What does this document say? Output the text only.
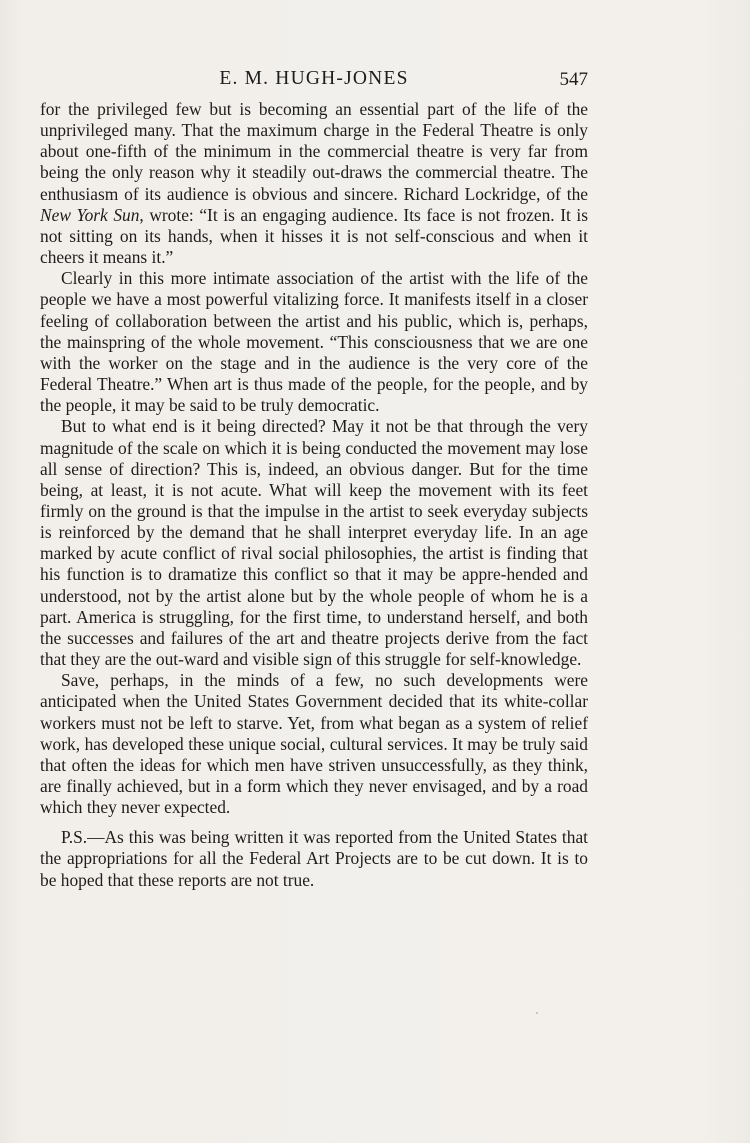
E. M. HUGH-JONES	547

for the privileged few but is becoming an essential part of the life of the unprivileged many. That the maximum charge in the Federal Theatre is only about one-fifth of the minimum in the commercial theatre is very far from being the only reason why it steadily out-draws the commercial theatre. The enthusiasm of its audience is obvious and sincere. Richard Lockridge, of the New York Sun, wrote: “It is an engaging audience. Its face is not frozen. It is not sitting on its hands, when it hisses it is not self-conscious and when it cheers it means it.”

Clearly in this more intimate association of the artist with the life of the people we have a most powerful vitalizing force. It manifests itself in a closer feeling of collaboration between the artist and his public, which is, perhaps, the mainspring of the whole movement. “This consciousness that we are one with the worker on the stage and in the audience is the very core of the Federal Theatre.” When art is thus made of the people, for the people, and by the people, it may be said to be truly democratic.

But to what end is it being directed? May it not be that through the very magnitude of the scale on which it is being conducted the movement may lose all sense of direction? This is, indeed, an obvious danger. But for the time being, at least, it is not acute. What will keep the movement with its feet firmly on the ground is that the impulse in the artist to seek everyday subjects is reinforced by the demand that he shall interpret everyday life. In an age marked by acute conflict of rival social philosophies, the artist is finding that his function is to dramatize this conflict so that it may be appre-hended and understood, not by the artist alone but by the whole people of whom he is a part. America is struggling, for the first time, to understand herself, and both the successes and failures of the art and theatre projects derive from the fact that they are the out-ward and visible sign of this struggle for self-knowledge.

Save, perhaps, in the minds of a few, no such developments were anticipated when the United States Government decided that its white-collar workers must not be left to starve. Yet, from what began as a system of relief work, has developed these unique social, cultural services. It may be truly said that often the ideas for which men have striven unsuccessfully, as they think, are finally achieved, but in a form which they never envisaged, and by a road which they never expected.

P.S.—As this was being written it was reported from the United States that the appropriations for all the Federal Art Projects are to be cut down. It is to be hoped that these reports are not true.
